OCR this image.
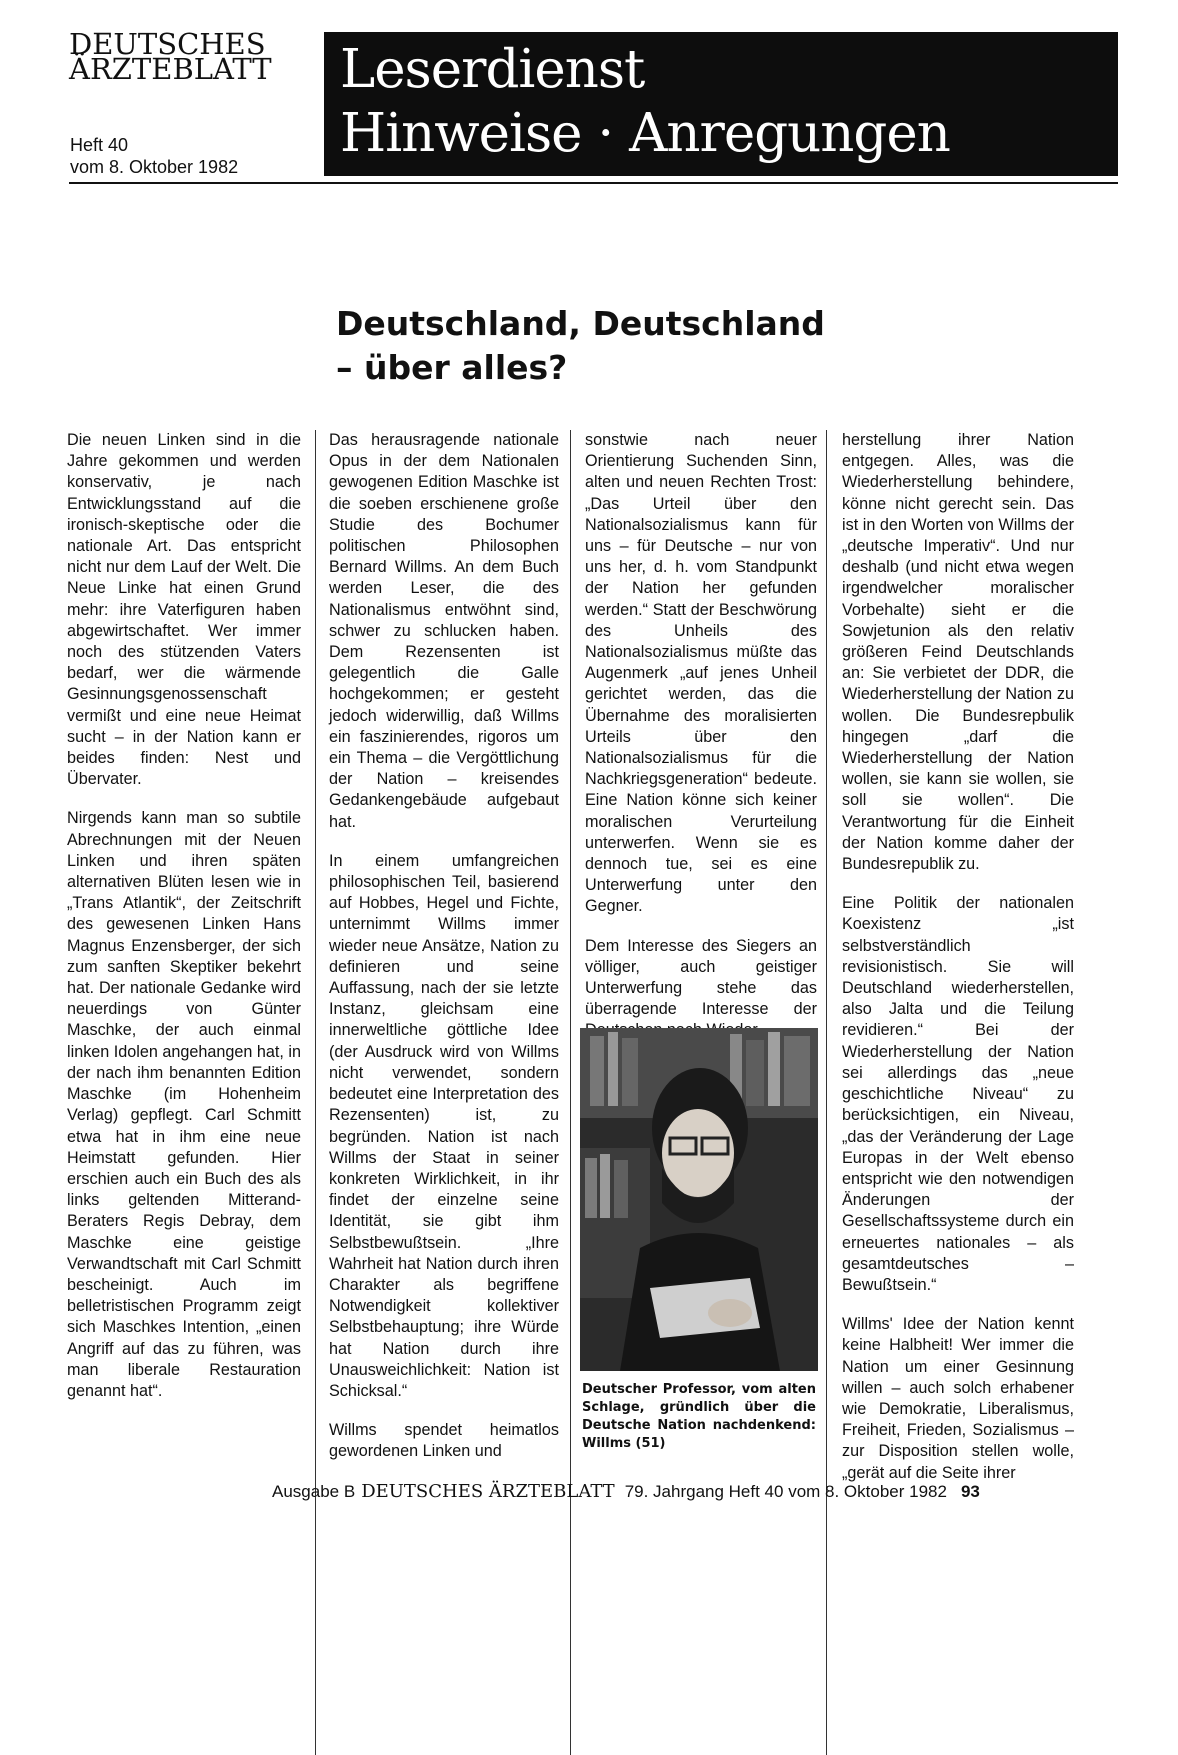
DEUTSCHES
ÄRZTEBLATT
Heft 40
vom 8. Oktober 1982
Leserdienst
Hinweise · Anregungen
Deutschland, Deutschland
– über alles?

Die neuen Linken sind in die Jahre gekommen und werden konservativ, je nach Entwicklungsstand auf die ironisch-skeptische oder die nationale Art. Das entspricht nicht nur dem Lauf der Welt. Die Neue Linke hat einen Grund mehr: ihre Vaterfiguren haben abgewirtschaftet. Wer immer noch des stützenden Vaters bedarf, wer die wärmende Gesinnungsgenossenschaft vermißt und eine neue Heimat sucht – in der Nation kann er beides finden: Nest und Übervater.

Nirgends kann man so subtile Abrechnungen mit der Neuen Linken und ihren späten alternativen Blüten lesen wie in „Trans Atlantik“, der Zeitschrift des gewesenen Linken Hans Magnus Enzensberger, der sich zum sanften Skeptiker bekehrt hat. Der nationale Gedanke wird neuerdings von Günter Maschke, der auch einmal linken Idolen angehangen hat, in der nach ihm benannten Edition Maschke (im Hohenheim Verlag) gepflegt. Carl Schmitt etwa hat in ihm eine neue Heimstatt gefunden. Hier erschien auch ein Buch des als links geltenden Mitterand-Beraters Regis Debray, dem Maschke eine geistige Verwandtschaft mit Carl Schmitt bescheinigt. Auch im belletristischen Programm zeigt sich Maschkes Intention, „einen Angriff auf das zu führen, was man liberale Restauration genannt hat“.

Das herausragende nationale Opus in der dem Nationalen gewogenen Edition Maschke ist die soeben erschienene große Studie des Bochumer politischen Philosophen Bernard Willms. An dem Buch werden Leser, die des Nationalismus entwöhnt sind, schwer zu schlucken haben. Dem Rezensenten ist gelegentlich die Galle hochgekommen; er gesteht jedoch widerwillig, daß Willms ein faszinierendes, rigoros um ein Thema – die Vergöttlichung der Nation – kreisendes Gedankengebäude aufgebaut hat.

In einem umfangreichen philosophischen Teil, basierend auf Hobbes, Hegel und Fichte, unternimmt Willms immer wieder neue Ansätze, Nation zu definieren und seine Auffassung, nach der sie letzte Instanz, gleichsam eine innerweltliche göttliche Idee (der Ausdruck wird von Willms nicht verwendet, sondern bedeutet eine Interpretation des Rezensenten) ist, zu begründen. Nation ist nach Willms der Staat in seiner konkreten Wirklichkeit, in ihr findet der einzelne seine Identität, sie gibt ihm Selbstbewußtsein. „Ihre Wahrheit hat Nation durch ihren Charakter als begriffene Notwendigkeit kollektiver Selbstbehauptung; ihre Würde hat Nation durch ihre Unausweichlichkeit: Nation ist Schicksal.“

Willms spendet heimatlos gewordenen Linken und

sonstwie nach neuer Orientierung Suchenden Sinn, alten und neuen Rechten Trost: „Das Urteil über den Nationalsozialismus kann für uns – für Deutsche – nur von uns her, d. h. vom Standpunkt der Nation her gefunden werden.“ Statt der Beschwörung des Unheils des Nationalsozialismus müßte das Augenmerk „auf jenes Unheil gerichtet werden, das die Übernahme des moralisierten Urteils über den Nationalsozialismus für die Nachkriegsgeneration“ bedeute. Eine Nation könne sich keiner moralischen Verurteilung unterwerfen. Wenn sie es dennoch tue, sei es eine Unterwerfung unter den Gegner.

Dem Interesse des Siegers an völliger, auch geistiger Unterwerfung stehe das überragende Interesse der

Deutscher Professor, vom alten Schlage, gründlich über die Deutsche Nation nachdenkend: Willms (51)

herstellung ihrer Nation entgegen. Alles, was die Wiederherstellung behindere, könne nicht gerecht sein. Das ist in den Worten von Willms der „deutsche Imperativ“. Und nur deshalb (und nicht etwa wegen irgendwelcher moralischer Vorbehalte) sieht er die Sowjetunion als den relativ größeren Feind Deutschlands an: Sie verbietet der DDR, die Wiederherstellung der Nation zu wollen. Die Bundesrepbulik hingegen „darf die Wiederherstellung der Nation wollen, sie kann sie wollen, sie soll sie wollen“. Die Verantwortung für die Einheit der Nation komme daher der Bundesrepublik zu.

Eine Politik der nationalen Koexistenz „ist selbstverständlich revisionistisch. Sie will Deutschland wiederherstellen, also Jalta und die Teilung revidieren.“ Bei der Wiederherstellung der Nation sei allerdings das „neue geschichtliche Niveau“ zu berücksichtigen, ein Niveau, „das der Veränderung der Lage Europas in der Welt ebenso entspricht wie den notwendigen Änderungen der Gesellschaftssysteme durch ein erneuertes nationales – als gesamtdeutsches – Bewußtsein.“

Willms' Idee der Nation kennt keine Halbheit! Wer immer die Nation um einer Gesinnung willen – auch solch erhabener wie Demokratie, Liberalismus, Freiheit, Frieden, Sozialismus – zur Disposition stellen wolle, „gerät auf die Seite ihrer

Ausgabe B DEUTSCHES ÄRZTEBLATT 79. Jahrgang Heft 40 vom 8. Oktober 1982 93
